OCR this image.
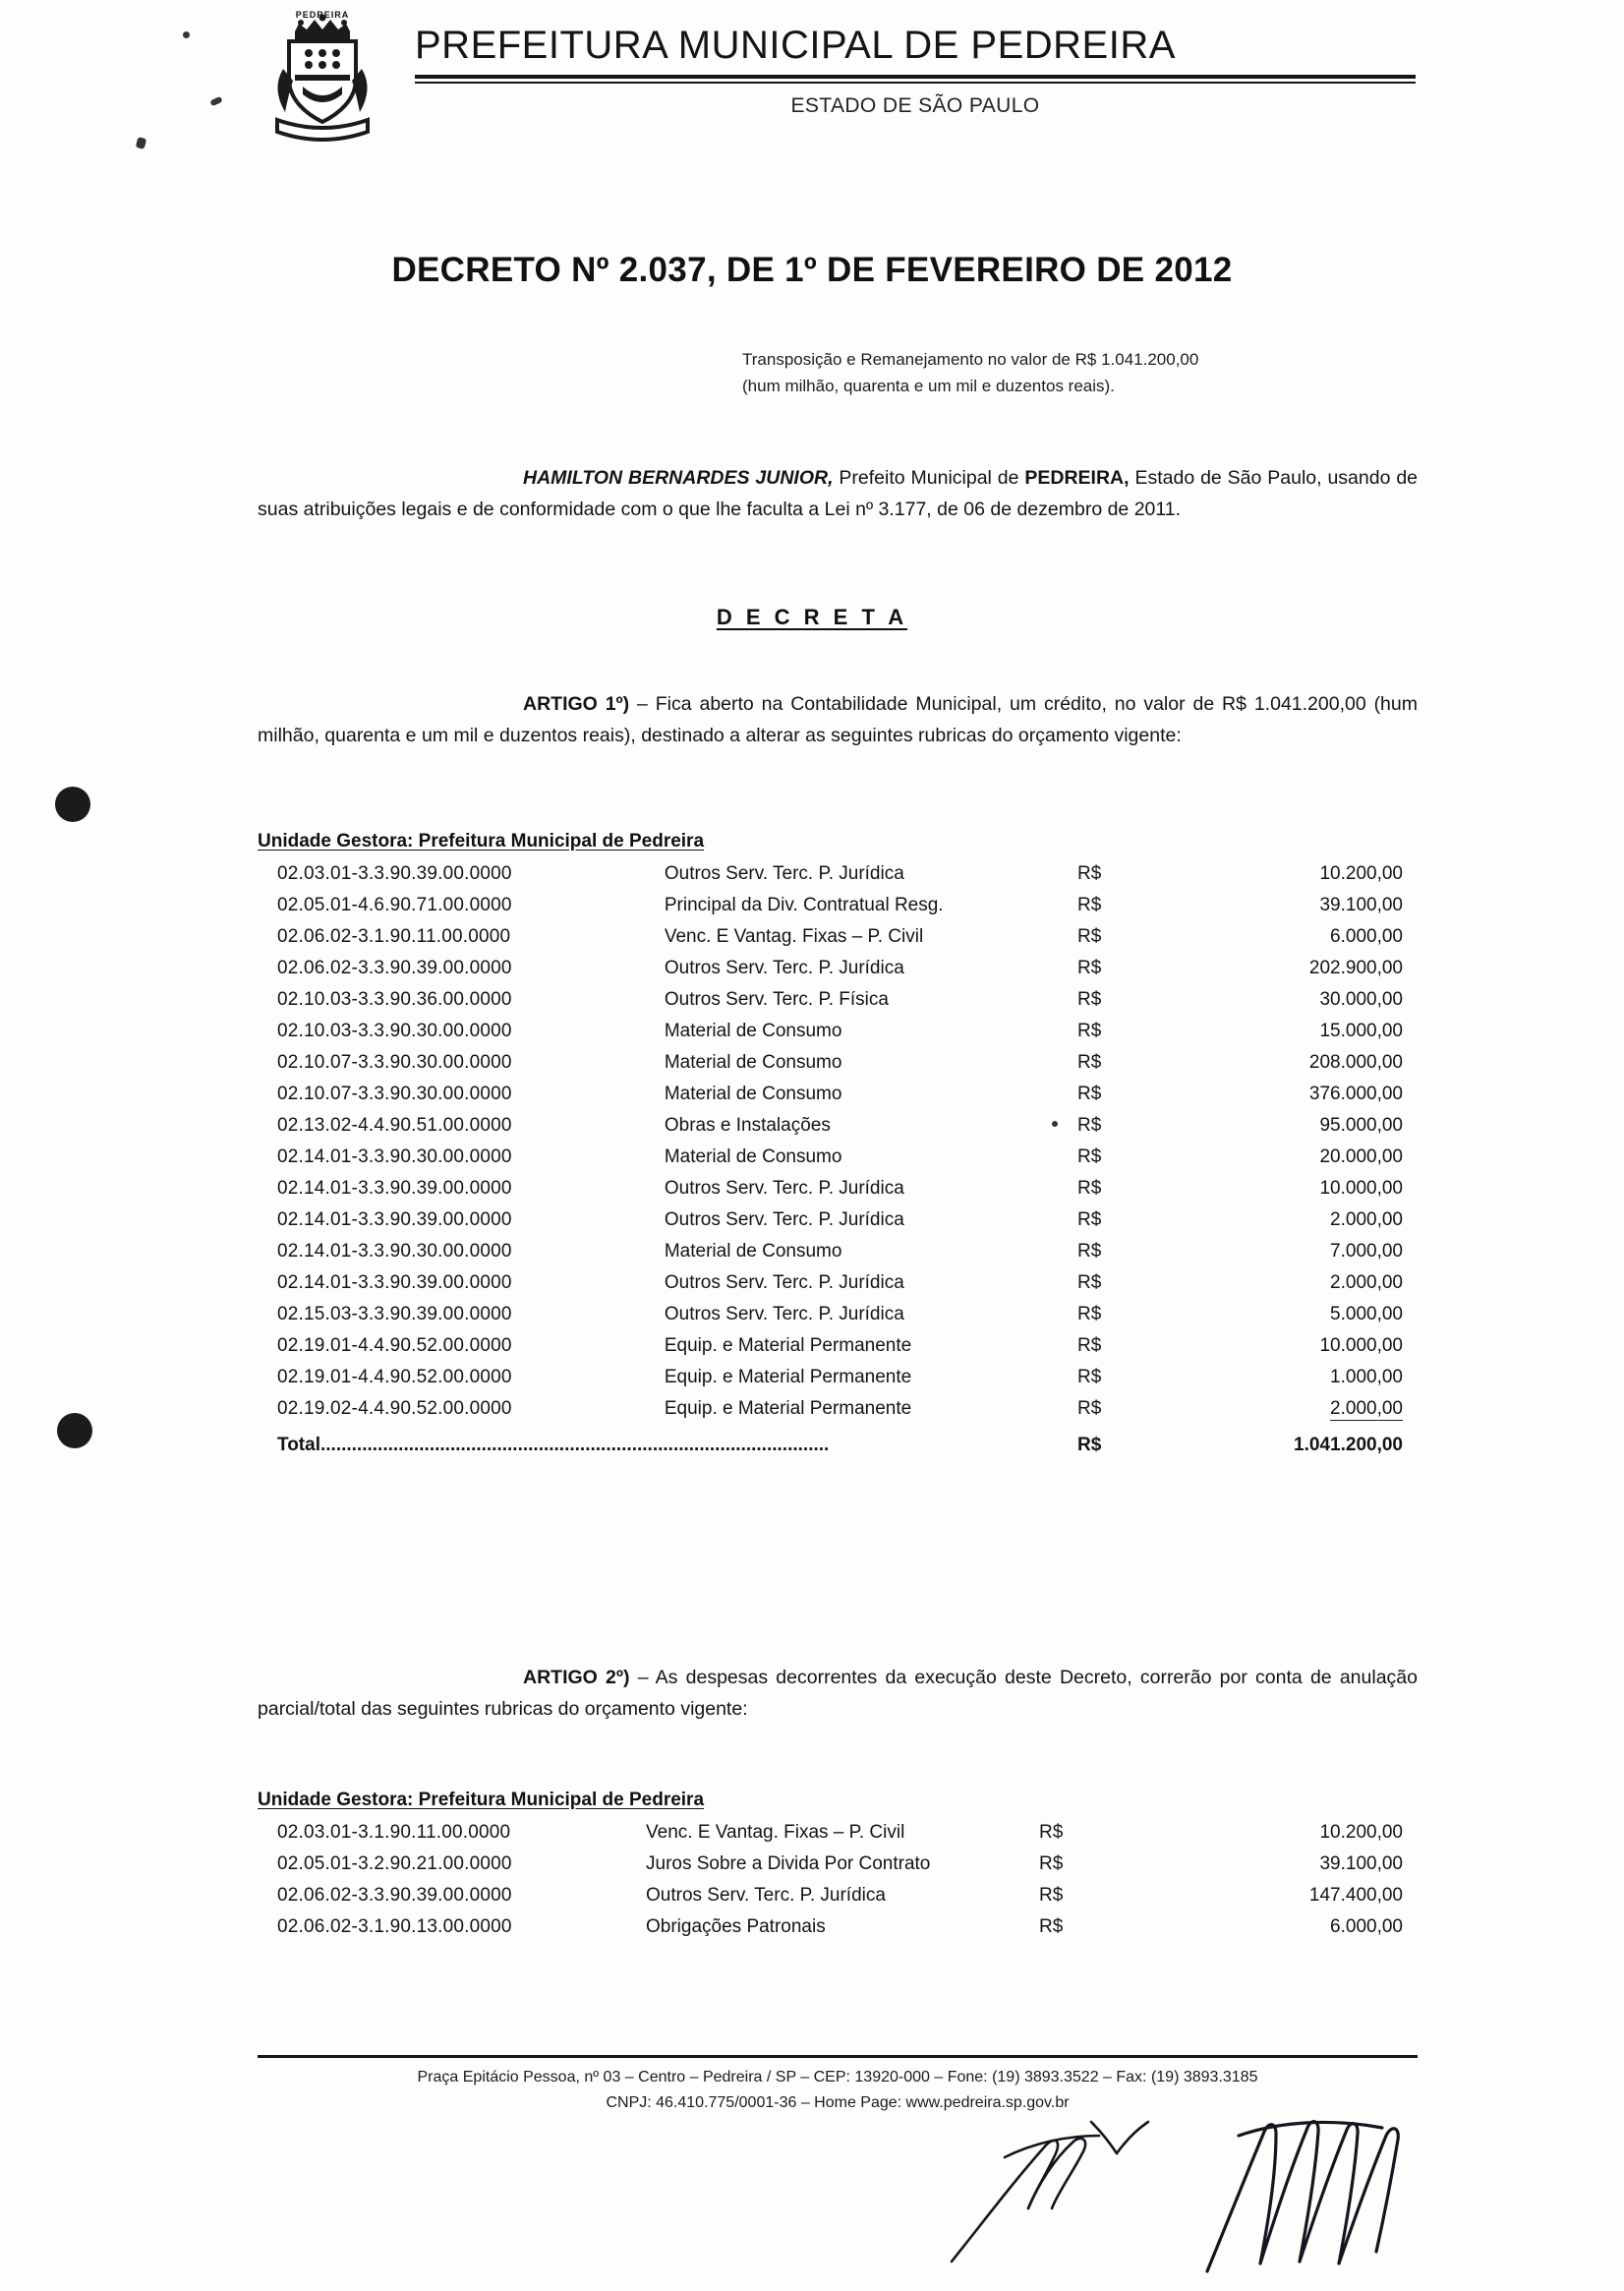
PEDREIRA
PREFEITURA MUNICIPAL DE PEDREIRA
ESTADO DE SÃO PAULO
DECRETO Nº 2.037, DE 1º DE FEVEREIRO DE 2012
Transposição e Remanejamento no valor de R$ 1.041.200,00
(hum milhão, quarenta e um mil e duzentos reais).
HAMILTON BERNARDES JUNIOR, Prefeito Municipal de PEDREIRA, Estado de São Paulo, usando de suas atribuições legais e de conformidade com o que lhe faculta a Lei nº 3.177, de 06 de dezembro de 2011.
D E C R E T A
ARTIGO 1º) – Fica aberto na Contabilidade Municipal, um crédito, no valor de R$ 1.041.200,00 (hum milhão, quarenta e um mil e duzentos reais), destinado a alterar as seguintes rubricas do orçamento vigente:
Unidade Gestora: Prefeitura Municipal de Pedreira
02.03.01-3.3.90.39.00.0000	Outros Serv. Terc. P. Jurídica	R$	10.200,00
02.05.01-4.6.90.71.00.0000	Principal da Div. Contratual Resg.	R$	39.100,00
02.06.02-3.1.90.11.00.0000	Venc. E Vantag. Fixas – P. Civil	R$	6.000,00
02.06.02-3.3.90.39.00.0000	Outros Serv. Terc. P. Jurídica	R$	202.900,00
02.10.03-3.3.90.36.00.0000	Outros Serv. Terc. P. Física	R$	30.000,00
02.10.03-3.3.90.30.00.0000	Material de Consumo	R$	15.000,00
02.10.07-3.3.90.30.00.0000	Material de Consumo	R$	208.000,00
02.10.07-3.3.90.30.00.0000	Material de Consumo	R$	376.000,00
02.13.02-4.4.90.51.00.0000	Obras e Instalações	R$	95.000,00
02.14.01-3.3.90.30.00.0000	Material de Consumo	R$	20.000,00
02.14.01-3.3.90.39.00.0000	Outros Serv. Terc. P. Jurídica	R$	10.000,00
02.14.01-3.3.90.39.00.0000	Outros Serv. Terc. P. Jurídica	R$	2.000,00
02.14.01-3.3.90.30.00.0000	Material de Consumo	R$	7.000,00
02.14.01-3.3.90.39.00.0000	Outros Serv. Terc. P. Jurídica	R$	2.000,00
02.15.03-3.3.90.39.00.0000	Outros Serv. Terc. P. Jurídica	R$	5.000,00
02.19.01-4.4.90.52.00.0000	Equip. e Material Permanente	R$	10.000,00
02.19.01-4.4.90.52.00.0000	Equip. e Material Permanente	R$	1.000,00
02.19.02-4.4.90.52.00.0000	Equip. e Material Permanente	R$	2.000,00
Total..................................................................................................		R$	1.041.200,00
ARTIGO 2º) – As despesas decorrentes da execução deste Decreto, correrão por conta de anulação parcial/total das seguintes rubricas do orçamento vigente:
Unidade Gestora: Prefeitura Municipal de Pedreira
02.03.01-3.1.90.11.00.0000	Venc. E Vantag. Fixas – P. Civil	R$	10.200,00
02.05.01-3.2.90.21.00.0000	Juros Sobre a Divida Por Contrato	R$	39.100,00
02.06.02-3.3.90.39.00.0000	Outros Serv. Terc. P. Jurídica	R$	147.400,00
02.06.02-3.1.90.13.00.0000	Obrigações Patronais	R$	6.000,00
Praça Epitácio Pessoa, nº 03 – Centro – Pedreira / SP – CEP: 13920-000 – Fone: (19) 3893.3522 – Fax: (19) 3893.3185
CNPJ: 46.410.775/0001-36 – Home Page: www.pedreira.sp.gov.br
